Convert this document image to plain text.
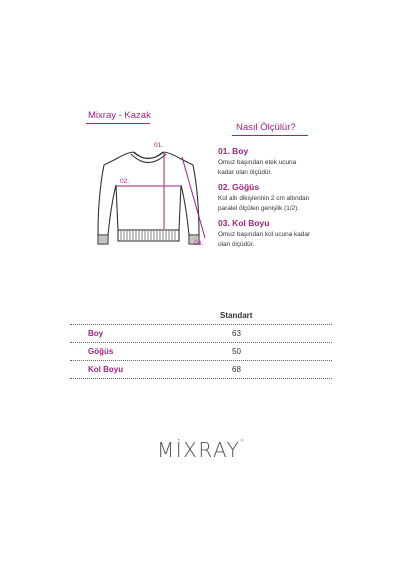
Mixray - Kazak
01.
02.
03.
Nasıl Ölçülür?
01. Boy
Omuz başından etek ucuna
kadar olan ölçüdür.
02. Göğüs
Kol altı dikişlerinin 2 cm altından
paralel ölçülen genişlik (1/2).
03. Kol Boyu
Omuz başından kol ucuna kadar
olan ölçüdür.
Standart
Boy	63
Göğüs	50
Kol Boyu	68
MİXRAY®
